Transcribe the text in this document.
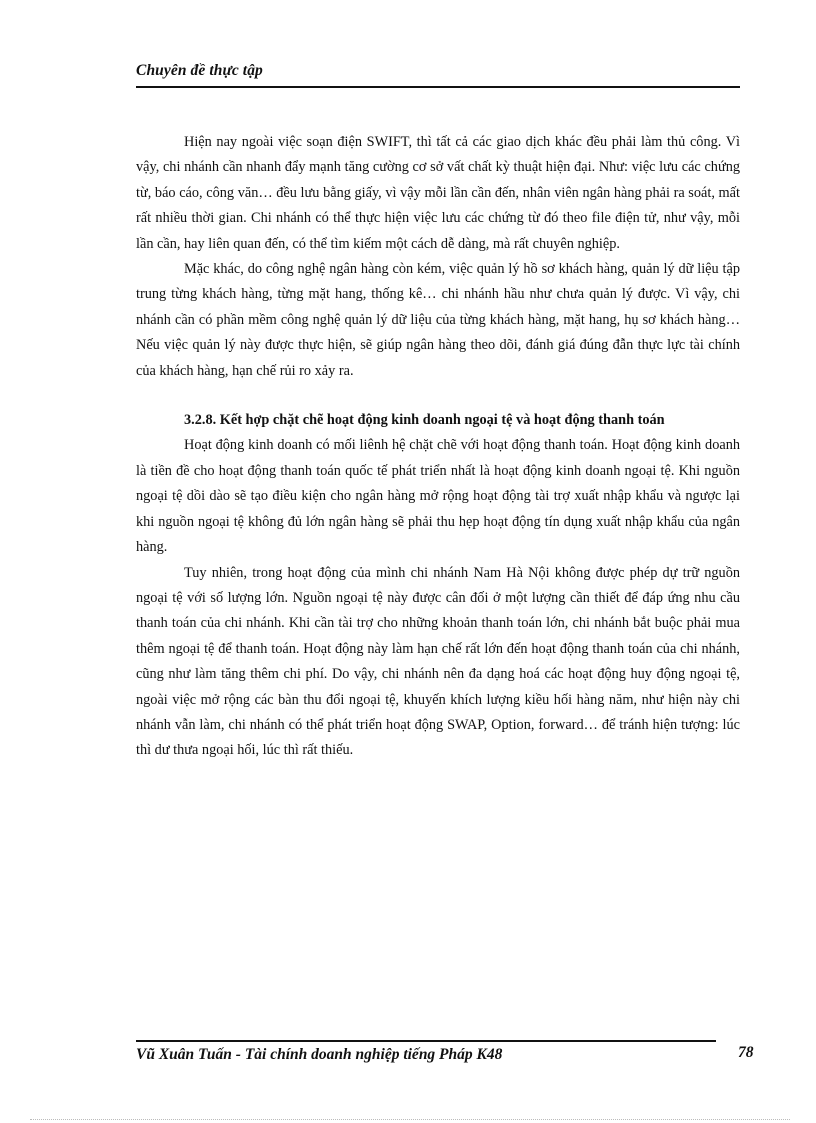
Chuyên đề thực tập

Hiện nay ngoài việc soạn điện SWIFT, thì tất cả các giao dịch khác đều phải làm thủ công. Vì vậy, chi nhánh cần nhanh đẩy mạnh tăng cường cơ sở vất chất kỳ thuật hiện đại. Như: việc lưu các chứng từ, báo cáo, công văn… đều lưu bằng giấy, vì vậy mỗi lần cần đến, nhân viên ngân hàng phải ra soát, mất rất nhiều thời gian. Chi nhánh có thể thực hiện việc lưu các chứng từ đó theo file điện tử, như vậy, mỗi lần cần, hay liên quan đến, có thể tìm kiếm một cách dễ dàng, mà rất chuyên nghiệp.

Mặc khác, do công nghệ ngân hàng còn kém, việc quản lý hồ sơ khách hàng, quản lý dữ liệu tập trung từng khách hàng, từng mặt hang, thống kê… chi nhánh hầu như chưa quản lý được. Vì vậy, chi nhánh cần có phần mềm công nghệ quản lý dữ liệu của từng khách hàng, mặt hang, hụ sơ khách hàng… Nếu việc quản lý này được thực hiện, sẽ giúp ngân hàng theo dõi, đánh giá đúng đẫn thực lực tài chính của khách hàng, hạn chế rủi ro xảy ra.

3.2.8. Kết hợp chặt chẽ hoạt động kinh doanh ngoại tệ và hoạt động thanh toán

Hoạt động kinh doanh có mối liênh hệ chặt chẽ với hoạt động thanh toán. Hoạt động kinh doanh là tiền đề cho hoạt động thanh toán quốc tế phát triển nhất là hoạt động kinh doanh ngoại tệ. Khi nguồn ngoại tệ dồi dào sẽ tạo điều kiện cho ngân hàng mở rộng hoạt động tài trợ xuất nhập khẩu và ngược lại khi nguồn ngoại tệ không đủ lớn ngân hàng sẽ phải thu hẹp hoạt động tín dụng xuất nhập khẩu của ngân hàng.

Tuy nhiên, trong hoạt động của mình chi nhánh Nam Hà Nội không được phép dự trữ nguồn ngoại tệ với số lượng lớn. Nguồn ngoại tệ này được cân đối ở một lượng cần thiết để đáp ứng nhu cầu thanh toán của chi nhánh. Khi cần tài trợ cho những khoản thanh toán lớn, chi nhánh bắt buộc phải mua thêm ngoại tệ để thanh toán. Hoạt động này làm hạn chế rất lớn đến hoạt động thanh toán của chi nhánh, cũng như làm tăng thêm chi phí. Do vậy, chi nhánh nên đa dạng hoá các hoạt động huy động ngoại tệ, ngoài việc mở rộng các bàn thu đổi ngoại tệ, khuyến khích lượng kiều hối hàng năm, như hiện này chi nhánh vẫn làm, chi nhánh có thể phát triển hoạt động SWAP, Option, forward… để tránh hiện tượng: lúc thì dư thưa ngoại hối, lúc thì rất thiếu.

Vũ Xuân Tuấn - Tài chính doanh nghiệp tiếng Pháp K48	78
